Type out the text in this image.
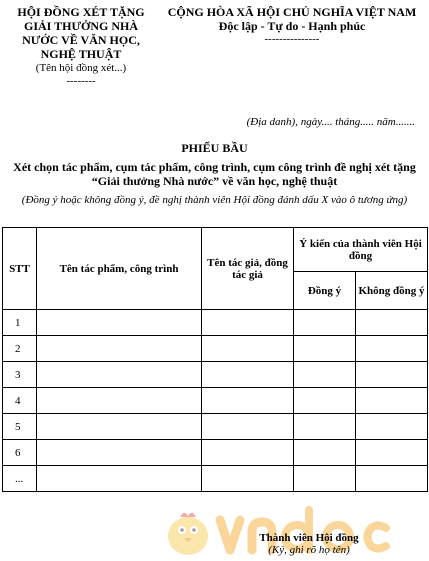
HỘI ĐỒNG XÉT TẶNG GIẢI THƯỞNG NHÀ NƯỚC VỀ VĂN HỌC, NGHỆ THUẬT
(Tên hội đồng xét...)
--------
CỘNG HÒA XÃ HỘI CHỦ NGHĨA VIỆT NAM
Độc lập - Tự do - Hạnh phúc
---------------
(Địa danh), ngày.... tháng..... năm.......
PHIẾU BẦU
Xét chọn tác phẩm, cụm tác phẩm, công trình, cụm công trình đề nghị xét tặng “Giải thưởng Nhà nước” về văn học, nghệ thuật
(Đồng ý hoặc không đồng ý, đề nghị thành viên Hội đồng đánh dấu X vào ô tương ứng)
STT	Tên tác phẩm, công trình	Tên tác giả, đồng tác giả	Ý kiến của thành viên Hội đồng	
			Đồng ý	Không đồng ý
1				
2				
3				
4				
5				
6				
...				
Thành viên Hội đồng
(Ký, ghi rõ họ tên)
